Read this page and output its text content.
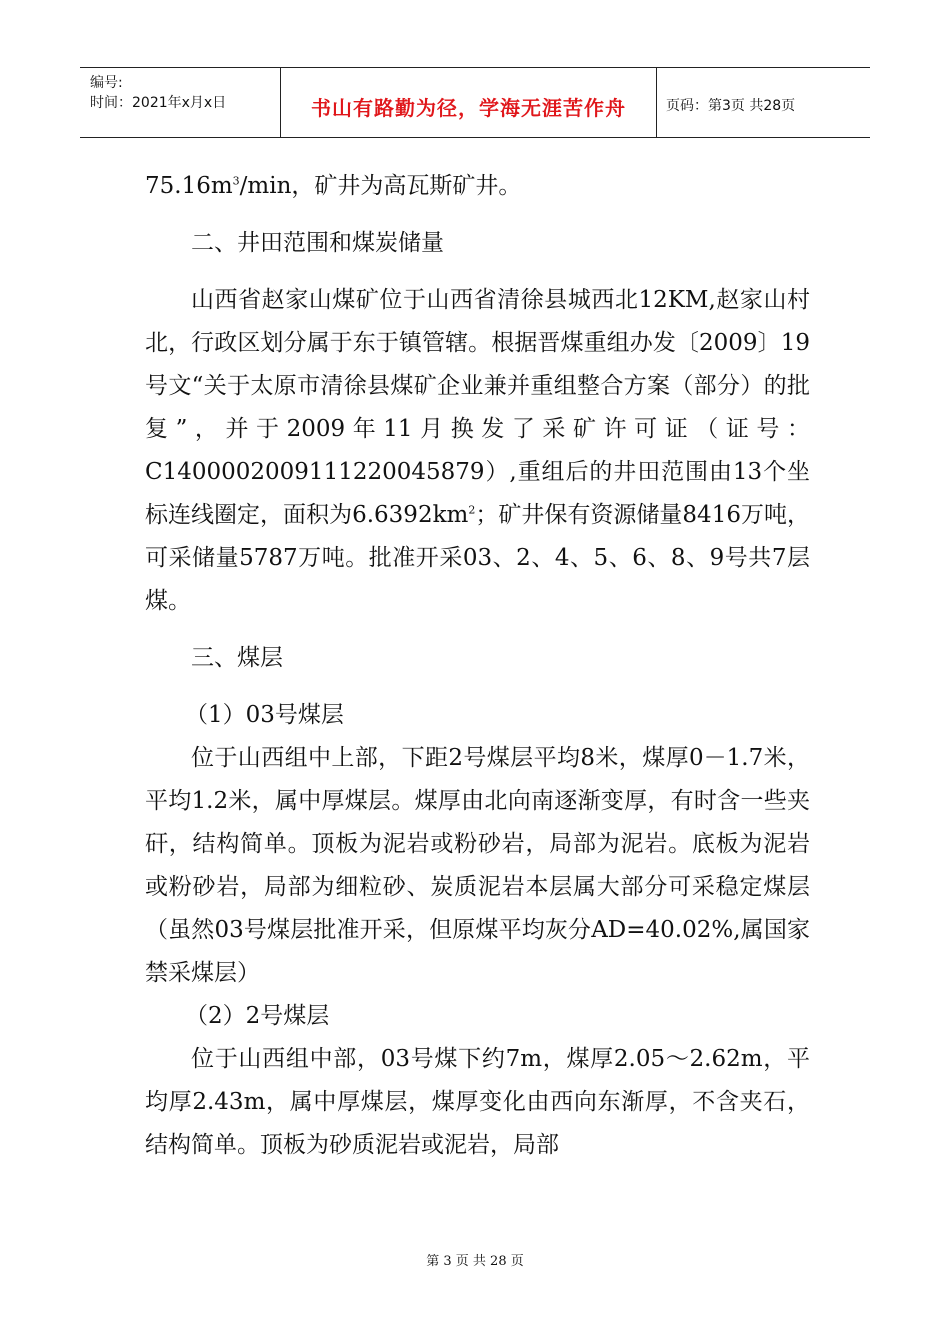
编号:
时间：2021年x月x日	书山有路勤为径，学海无涯苦作舟	页码：第3页 共28页

$75.16m^3/\min$，矿井为高瓦斯矿井。

二、井田范围和煤炭储量

山西省赵家山煤矿位于山西省清徐县城西北12KM,赵家山村北，行政区划分属于东于镇管辖。根据晋煤重组办发〔2009〕19号文“关于太原市清徐县煤矿企业兼并重组整合方案（部分）的批复”，并于2009年11月换发了采矿许可证（证号：C1400002009111220045879）,重组后的井田范围由13个坐标连线圈定，面积为$6.6392km^2$；矿井保有资源储量8416万吨，可采储量5787万吨。批准开采03、2、4、5、6、8、9号共7层煤。

三、煤层

（1）03号煤层

位于山西组中上部，下距2号煤层平均8米，煤厚0－1.7米，平均1.2米，属中厚煤层。煤厚由北向南逐渐变厚，有时含一些夹矸，结构简单。顶板为泥岩或粉砂岩，局部为泥岩。底板为泥岩或粉砂岩，局部为细粒砂、炭质泥岩本层属大部分可采稳定煤层（虽然03号煤层批准开采，但原煤平均灰分AD=40.02%,属国家禁采煤层）

（2）2号煤层

位于山西组中部，03号煤下约7m，煤厚2.05～2.62m，平均厚2.43m，属中厚煤层，煤厚变化由西向东渐厚，不含夹石，结构简单。顶板为砂质泥岩或泥岩，局部

第 3 页 共 28 页
